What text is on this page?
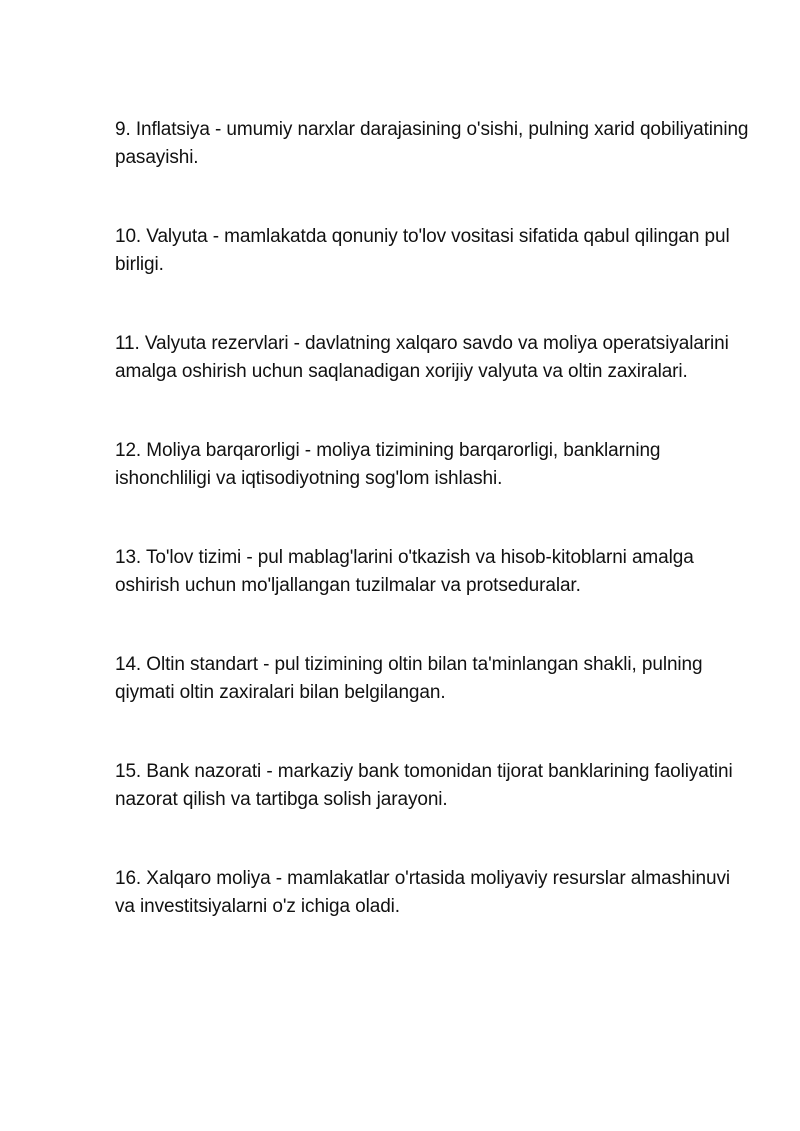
9. Inflatsiya - umumiy narxlar darajasining o'sishi, pulning xarid qobiliyatining pasayishi.
10. Valyuta - mamlakatda qonuniy to'lov vositasi sifatida qabul qilingan pul birligi.
11. Valyuta rezervlari - davlatning xalqaro savdo va moliya operatsiyalarini amalga oshirish uchun saqlanadigan xorijiy valyuta va oltin zaxiralari.
12. Moliya barqarorligi - moliya tizimining barqarorligi, banklarning ishonchliligi va iqtisodiyotning sog'lom ishlashi.
13. To'lov tizimi - pul mablag'larini o'tkazish va hisob-kitoblarni amalga oshirish uchun mo'ljallangan tuzilmalar va protseduralar.
14. Oltin standart - pul tizimining oltin bilan ta'minlangan shakli, pulning qiymati oltin zaxiralari bilan belgilangan.
15. Bank nazorati - markaziy bank tomonidan tijorat banklarining faoliyatini nazorat qilish va tartibga solish jarayoni.
16. Xalqaro moliya - mamlakatlar o'rtasida moliyaviy resurslar almashinuvi va investitsiyalarni o'z ichiga oladi.
